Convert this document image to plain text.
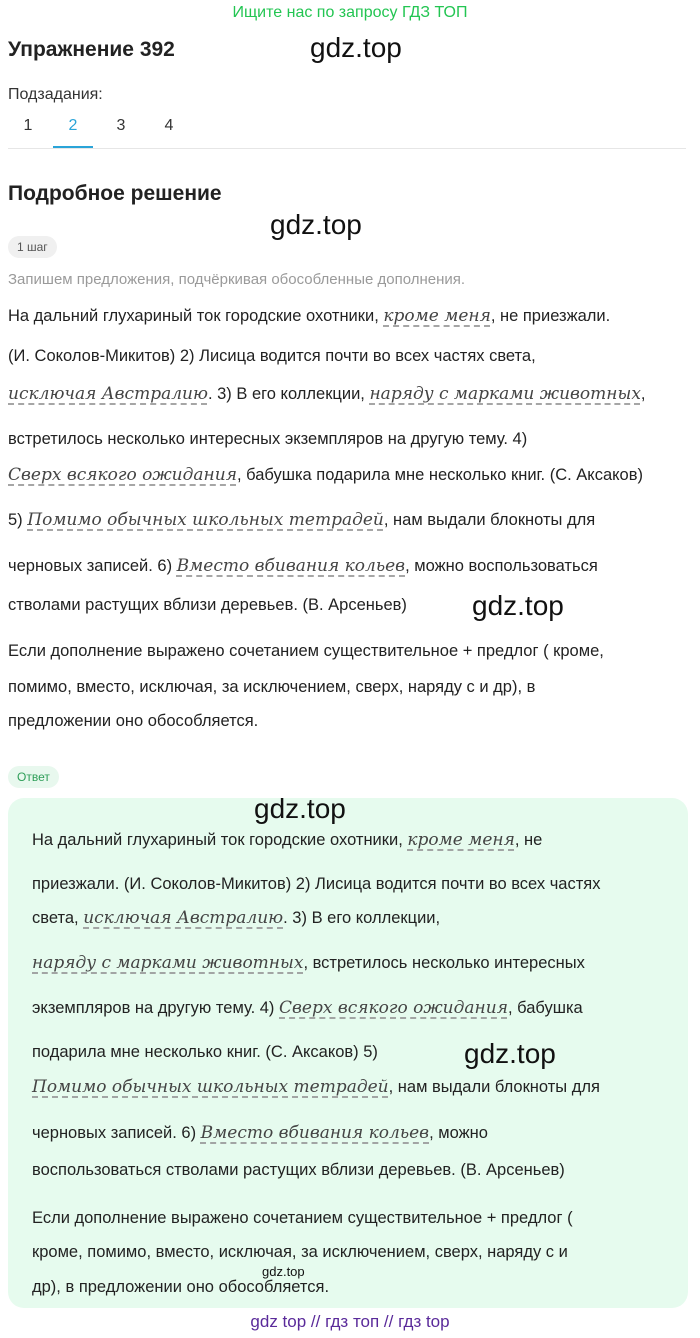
Ищите нас по запросу ГДЗ ТОП
Упражнение 392	gdz.top
Подзадания:
1	2	3	4
Подробное решение
gdz.top
1 шаг
Запишем предложения, подчёркивая обособленные дополнения.
На дальний глухариный ток городские охотники, кроме меня, не приезжали.
(И. Соколов-Микитов) 2) Лисица водится почти во всех частях света,
исключая Австралию. 3) В его коллекции, наряду с марками животных,
встретилось несколько интересных экземпляров на другую тему. 4)
Сверх всякого ожидания, бабушка подарила мне несколько книг. (С. Аксаков)
5) Помимо обычных школьных тетрадей, нам выдали блокноты для
черновых записей. 6) Вместо вбивания кольев, можно воспользоваться
стволами растущих вблизи деревьев. (В. Арсеньев) gdz.top
Если дополнение выражено сочетанием существительное + предлог ( кроме,
помимо, вместо, исключая, за исключением, сверх, наряду с и др), в
предложении оно обособляется.
Ответ
gdz.top
На дальний глухариный ток городские охотники, кроме меня, не
приезжали. (И. Соколов-Микитов) 2) Лисица водится почти во всех частях
света, исключая Австралию. 3) В его коллекции,
наряду с марками животных, встретилось несколько интересных
экземпляров на другую тему. 4) Сверх всякого ожидания, бабушка
подарила мне несколько книг. (С. Аксаков) 5)
Помимо обычных школьных тетрадей, нам выдали блокноты для
черновых записей. 6) Вместо вбивания кольев, можно
воспользоваться стволами растущих вблизи деревьев. (В. Арсеньев)
gdz.top
Если дополнение выражено сочетанием существительное + предлог (
кроме, помимо, вместо, исключая, за исключением, сверх, наряду с и
др), в предложении оно обособляется.
gdz.top
gdz top // гдз топ // гдз top
